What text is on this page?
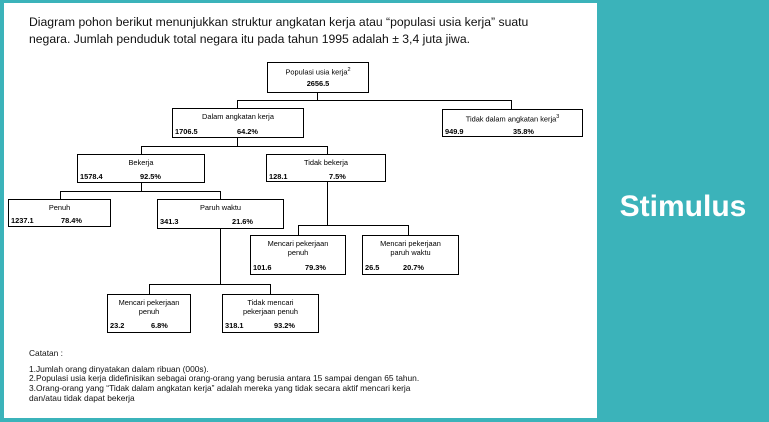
Stimulus
Diagram pohon berikut menunjukkan struktur angkatan kerja atau “populasi usia kerja” suatu
negara. Jumlah penduduk total negara itu pada tahun 1995 adalah ± 3,4 juta jiwa.
Populasi usia kerja$^2$
2656.5
Dalam angkatan kerja
1706.5	64.2%
Tidak dalam angkatan kerja$^3$
949.9	35.8%
Bekerja
1578.4	92.5%
Tidak bekerja
128.1	7.5%
Penuh
1237.1	78.4%
Paruh waktu
341.3	21.6%
Mencari pekerjaan
penuh
101.6	79.3%
Mencari pekerjaan
paruh waktu
26.5	20.7%
Mencari pekerjaan
penuh
23.2	6.8%
Tidak mencari
pekerjaan penuh
318.1	93.2%
Catatan :
1.Jumlah orang dinyatakan dalam ribuan (000s).
2.Populasi usia kerja didefinisikan sebagai orang-orang yang berusia antara 15 sampai dengan 65 tahun.
3.Orang-orang yang “Tidak dalam angkatan kerja” adalah mereka yang tidak secara aktif mencari kerja
dan/atau tidak dapat bekerja
